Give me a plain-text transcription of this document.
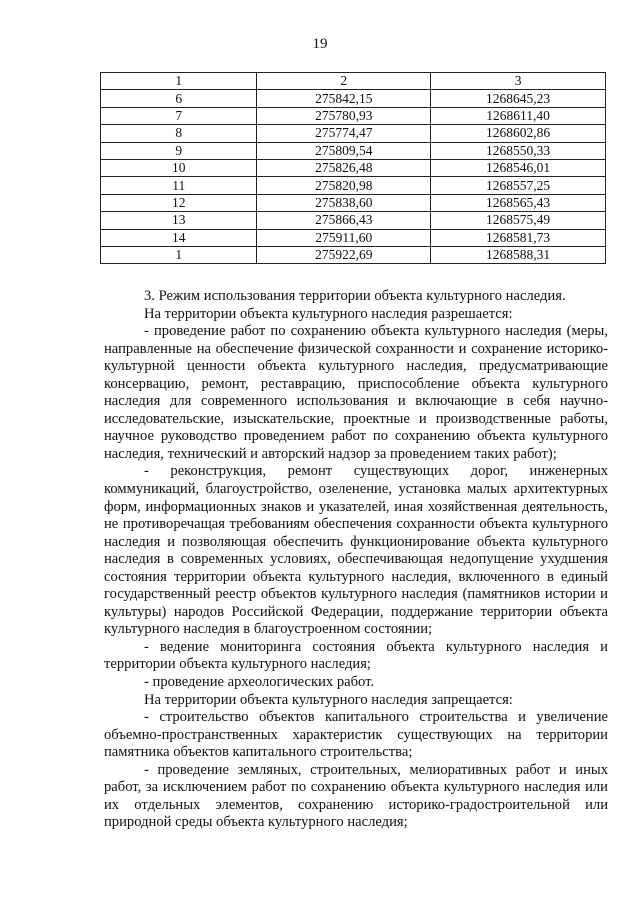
19
1	2	3
6	275842,15	1268645,23
7	275780,93	1268611,40
8	275774,47	1268602,86
9	275809,54	1268550,33
10	275826,48	1268546,01
11	275820,98	1268557,25
12	275838,60	1268565,43
13	275866,43	1268575,49
14	275911,60	1268581,73
1	275922,69	1268588,31

3. Режим использования территории объекта культурного наследия.

На территории объекта культурного наследия разрешается:

- проведение работ по сохранению объекта культурного наследия (меры, направленные на обеспечение физической сохранности и сохранение историко-культурной ценности объекта культурного наследия, предусматривающие консервацию, ремонт, реставрацию, приспособление объекта культурного наследия для современного использования и включающие в себя научно-исследовательские, изыскательские, проектные и производственные работы, научное руководство проведением работ по сохранению объекта культурного наследия, технический и авторский надзор за проведением таких работ);

- реконструкция, ремонт существующих дорог, инженерных коммуникаций, благоустройство, озеленение, установка малых архитектурных форм, информационных знаков и указателей, иная хозяйственная деятельность, не противоречащая требованиям обеспечения сохранности объекта культурного наследия и позволяющая обеспечить функционирование объекта культурного наследия в современных условиях, обеспечивающая недопущение ухудшения состояния территории объекта культурного наследия, включенного в единый государственный реестр объектов культурного наследия (памятников истории и культуры) народов Российской Федерации, поддержание территории объекта культурного наследия в благоустроенном состоянии;

- ведение мониторинга состояния объекта культурного наследия и территории объекта культурного наследия;

- проведение археологических работ.

На территории объекта культурного наследия запрещается:

- строительство объектов капитального строительства и увеличение объемно-пространственных характеристик существующих на территории памятника объектов капитального строительства;

- проведение земляных, строительных, мелиоративных работ и иных работ, за исключением работ по сохранению объекта культурного наследия или их отдельных элементов, сохранению историко-градостроительной или природной среды объекта культурного наследия;
